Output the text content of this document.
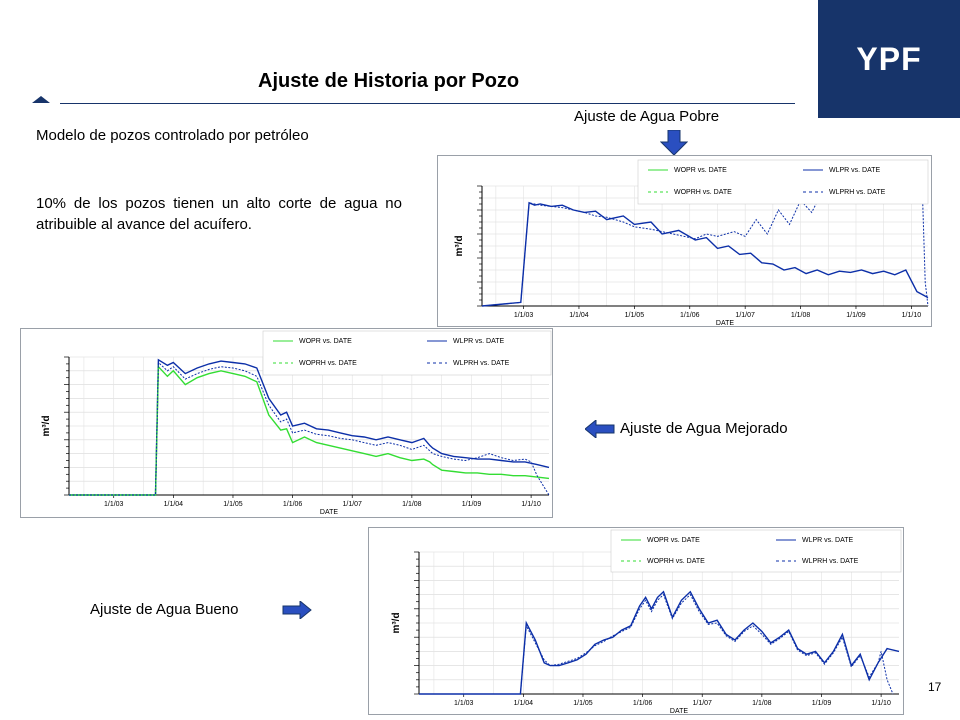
YPF
Ajuste de Historia por Pozo
Modelo de pozos controlado por petróleo
10% de los pozos tienen un alto corte de agua no atribuible al avance del acuífero.
Ajuste de Agua Pobre
Ajuste de Agua Mejorado
Ajuste de Agua Bueno
17
1/1/03	1/1/04	1/1/05	1/1/06	1/1/07	1/1/08	1/1/09	1/1/10
DATE
m³/d
WOPR vs. DATE	WLPR vs. DATE
WOPRH vs. DATE	WLPRH vs. DATE
1/1/03	1/1/04	1/1/05	1/1/06	1/1/07	1/1/08	1/1/09	1/1/10
DATE
m³/d
WOPR vs. DATE	WLPR vs. DATE
WOPRH vs. DATE	WLPRH vs. DATE
1/1/03	1/1/04	1/1/05	1/1/06	1/1/07	1/1/08	1/1/09	1/1/10
DATE
m³/d
WOPR vs. DATE	WLPR vs. DATE
WOPRH vs. DATE	WLPRH vs. DATE
